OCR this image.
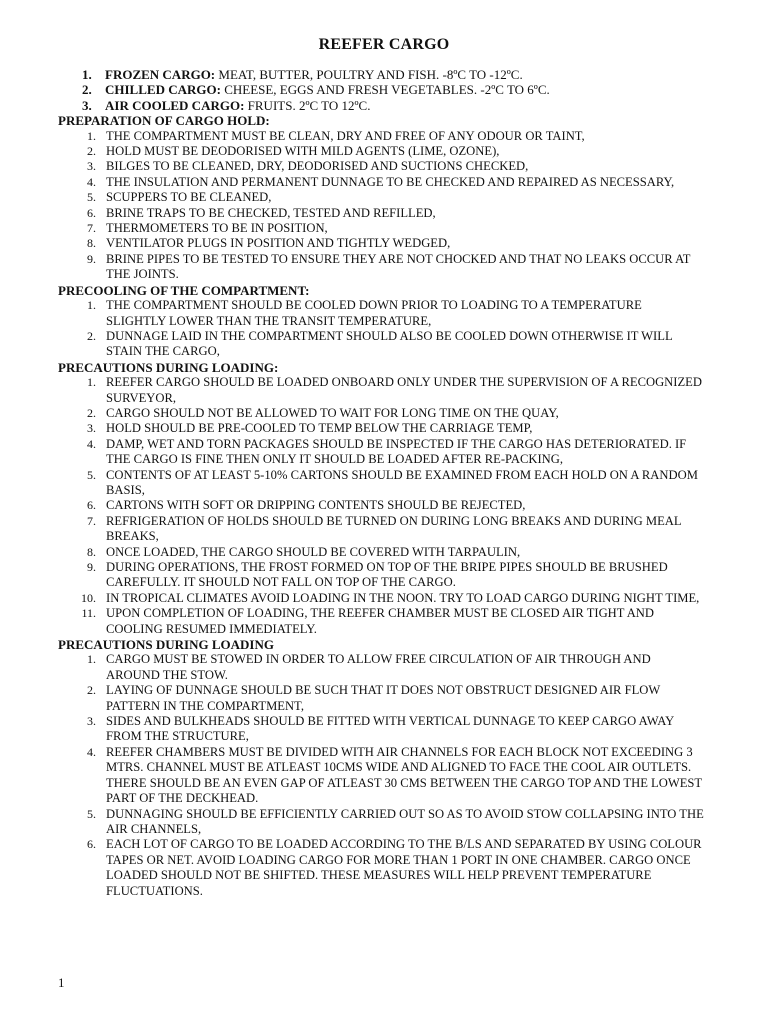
REEFER CARGO
1. FROZEN CARGO: MEAT, BUTTER, POULTRY AND FISH. -8ºC TO -12ºC.
2. CHILLED CARGO: CHEESE, EGGS AND FRESH VEGETABLES. -2ºC TO 6ºC.
3. AIR COOLED CARGO: FRUITS. 2ºC TO 12ºC.
PREPARATION OF CARGO HOLD:
1. THE COMPARTMENT MUST BE CLEAN, DRY AND FREE OF ANY ODOUR OR TAINT,
2. HOLD MUST BE DEODORISED WITH MILD AGENTS (LIME, OZONE),
3. BILGES TO BE CLEANED, DRY, DEODORISED AND SUCTIONS CHECKED,
4. THE INSULATION AND PERMANENT DUNNAGE TO BE CHECKED AND REPAIRED AS NECESSARY,
5. SCUPPERS TO BE CLEANED,
6. BRINE TRAPS TO BE CHECKED, TESTED AND REFILLED,
7. THERMOMETERS TO BE IN POSITION,
8. VENTILATOR PLUGS IN POSITION AND TIGHTLY WEDGED,
9. BRINE PIPES TO BE TESTED TO ENSURE THEY ARE NOT CHOCKED AND THAT NO LEAKS OCCUR AT THE JOINTS.
PRECOOLING OF THE COMPARTMENT:
1. THE COMPARTMENT SHOULD BE COOLED DOWN PRIOR TO LOADING TO A TEMPERATURE SLIGHTLY LOWER THAN THE TRANSIT TEMPERATURE,
2. DUNNAGE LAID IN THE COMPARTMENT SHOULD ALSO BE COOLED DOWN OTHERWISE IT WILL STAIN THE CARGO,
PRECAUTIONS DURING LOADING:
1. REEFER CARGO SHOULD BE LOADED ONBOARD ONLY UNDER THE SUPERVISION OF A RECOGNIZED SURVEYOR,
2. CARGO SHOULD NOT BE ALLOWED TO WAIT FOR LONG TIME ON THE QUAY,
3. HOLD SHOULD BE PRE-COOLED TO TEMP BELOW THE CARRIAGE TEMP,
4. DAMP, WET AND TORN PACKAGES SHOULD BE INSPECTED IF THE CARGO HAS DETERIORATED. IF THE CARGO IS FINE THEN ONLY IT SHOULD BE LOADED AFTER RE-PACKING,
5. CONTENTS OF AT LEAST 5-10% CARTONS SHOULD BE EXAMINED FROM EACH HOLD ON A RANDOM BASIS,
6. CARTONS WITH SOFT OR DRIPPING CONTENTS SHOULD BE REJECTED,
7. REFRIGERATION OF HOLDS SHOULD BE TURNED ON DURING LONG BREAKS AND DURING MEAL BREAKS,
8. ONCE LOADED, THE CARGO SHOULD BE COVERED WITH TARPAULIN,
9. DURING OPERATIONS, THE FROST FORMED ON TOP OF THE BRIPE PIPES SHOULD BE BRUSHED CAREFULLY. IT SHOULD NOT FALL ON TOP OF THE CARGO.
10. IN TROPICAL CLIMATES AVOID LOADING IN THE NOON. TRY TO LOAD CARGO DURING NIGHT TIME,
11. UPON COMPLETION OF LOADING, THE REEFER CHAMBER MUST BE CLOSED AIR TIGHT AND COOLING RESUMED IMMEDIATELY.
PRECAUTIONS DURING LOADING
1. CARGO MUST BE STOWED IN ORDER TO ALLOW FREE CIRCULATION OF AIR THROUGH AND AROUND THE STOW.
2. LAYING OF DUNNAGE SHOULD BE SUCH THAT IT DOES NOT OBSTRUCT DESIGNED AIR FLOW PATTERN IN THE COMPARTMENT,
3. SIDES AND BULKHEADS SHOULD BE FITTED WITH VERTICAL DUNNAGE TO KEEP CARGO AWAY FROM THE STRUCTURE,
4. REEFER CHAMBERS MUST BE DIVIDED WITH AIR CHANNELS FOR EACH BLOCK NOT EXCEEDING 3 MTRS. CHANNEL MUST BE ATLEAST 10CMS WIDE AND ALIGNED TO FACE THE COOL AIR OUTLETS. THERE SHOULD BE AN EVEN GAP OF ATLEAST 30 CMS BETWEEN THE CARGO TOP AND THE LOWEST PART OF THE DECKHEAD.
5. DUNNAGING SHOULD BE EFFICIENTLY CARRIED OUT SO AS TO AVOID STOW COLLAPSING INTO THE AIR CHANNELS,
6. EACH LOT OF CARGO TO BE LOADED ACCORDING TO THE B/LS AND SEPARATED BY USING COLOUR TAPES OR NET. AVOID LOADING CARGO FOR MORE THAN 1 PORT IN ONE CHAMBER. CARGO ONCE LOADED SHOULD NOT BE SHIFTED. THESE MEASURES WILL HELP PREVENT TEMPERATURE FLUCTUATIONS.
1
